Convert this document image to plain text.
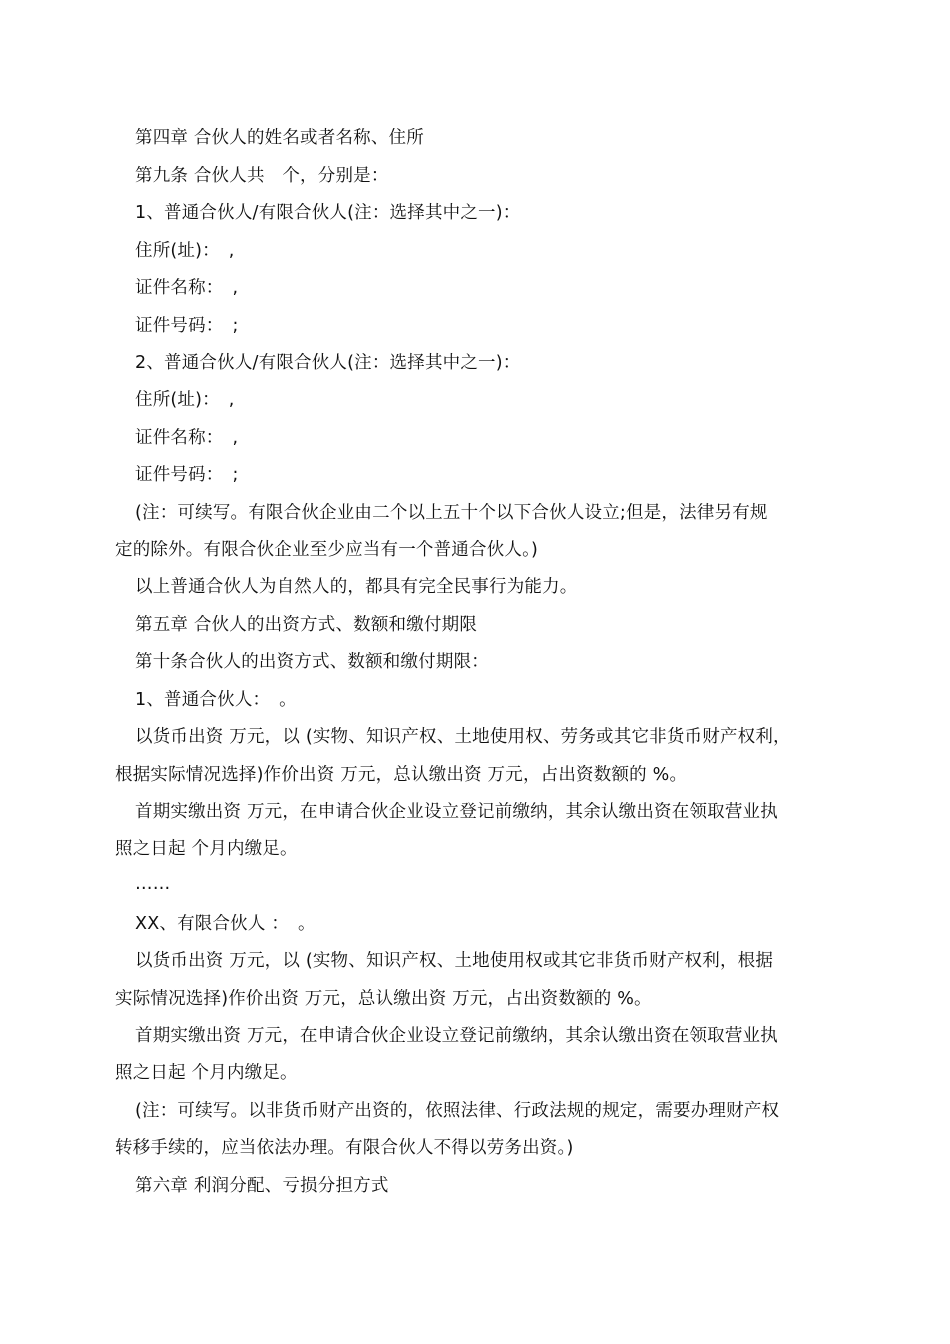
第四章 合伙人的姓名或者名称、住所
第九条 合伙人共　个，分别是：
1、普通合伙人/有限合伙人(注：选择其中之一)：
住所(址)：　,
证件名称：　,
证件号码：　;
2、普通合伙人/有限合伙人(注：选择其中之一)：
住所(址)：　,
证件名称：　,
证件号码：　;
(注：可续写。有限合伙企业由二个以上五十个以下合伙人设立;但是，法律另有规
定的除外。有限合伙企业至少应当有一个普通合伙人。)
以上普通合伙人为自然人的，都具有完全民事行为能力。
第五章 合伙人的出资方式、数额和缴付期限
第十条合伙人的出资方式、数额和缴付期限：
1、普通合伙人：　。
以货币出资 万元，以 (实物、知识产权、土地使用权、劳务或其它非货币财产权利，
根据实际情况选择)作价出资 万元，总认缴出资 万元，占出资数额的 %。
首期实缴出资 万元，在申请合伙企业设立登记前缴纳，其余认缴出资在领取营业执
照之日起 个月内缴足。
……
XX、有限合伙人 ：　。
以货币出资 万元，以 (实物、知识产权、土地使用权或其它非货币财产权利，根据
实际情况选择)作价出资 万元，总认缴出资 万元，占出资数额的 %。
首期实缴出资 万元，在申请合伙企业设立登记前缴纳，其余认缴出资在领取营业执
照之日起 个月内缴足。
(注：可续写。以非货币财产出资的，依照法律、行政法规的规定，需要办理财产权
转移手续的，应当依法办理。有限合伙人不得以劳务出资。)
第六章 利润分配、亏损分担方式
